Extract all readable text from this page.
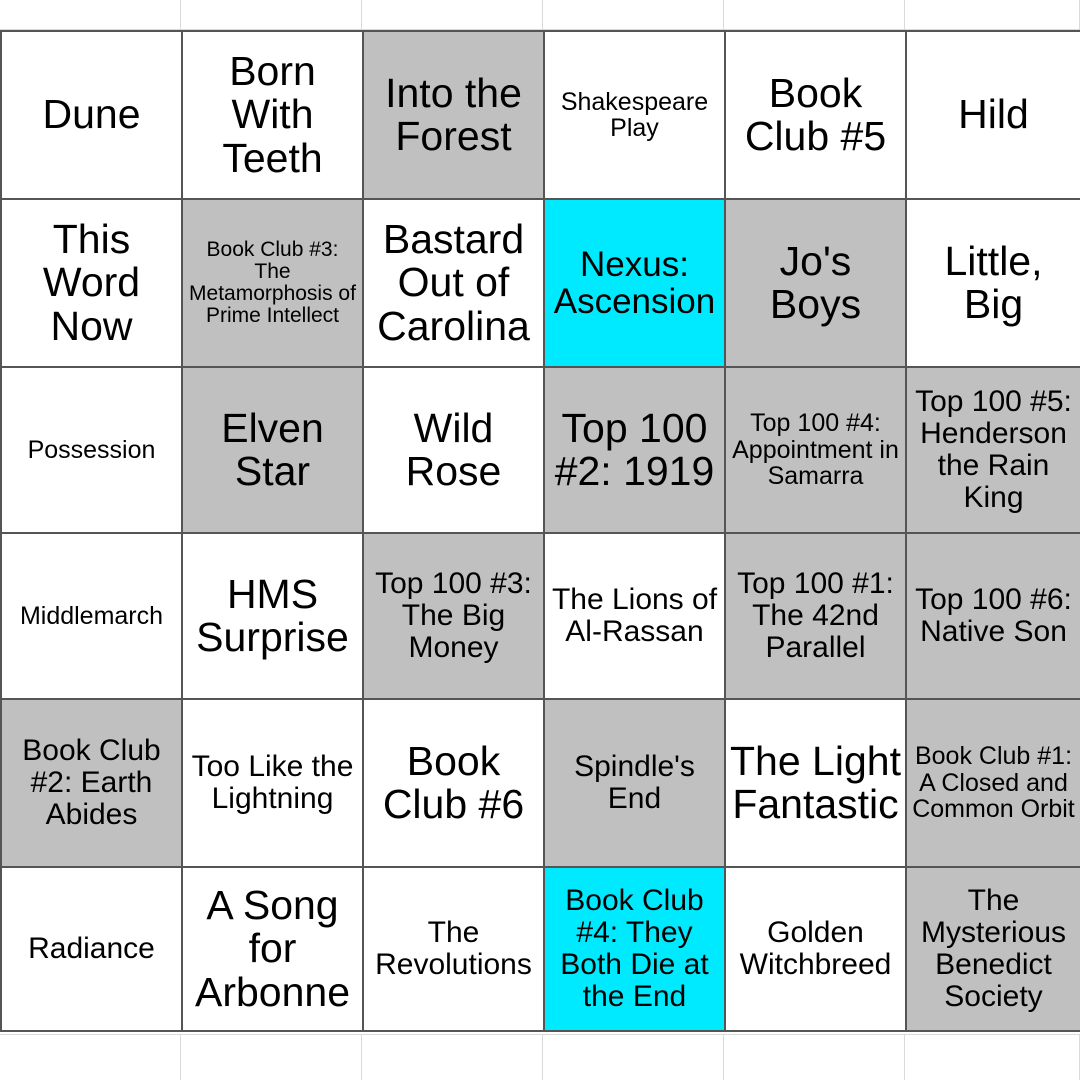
Dune	Born With Teeth	Into the Forest	Shakespeare Play	Book Club #5	Hild
This Word Now	Book Club #3: The Metamorphosis of Prime Intellect	Bastard Out of Carolina	Nexus: Ascension	Jo's Boys	Little, Big
Possession	Elven Star	Wild Rose	Top 100 #2: 1919	Top 100 #4: Appointment in Samarra	Top 100 #5: Henderson the Rain King
Middlemarch	HMS Surprise	Top 100 #3: The Big Money	The Lions of Al-Rassan	Top 100 #1: The 42nd Parallel	Top 100 #6: Native Son
Book Club #2: Earth Abides	Too Like the Lightning	Book Club #6	Spindle's End	The Light Fantastic	Book Club #1: A Closed and Common Orbit
Radiance	A Song for Arbonne	The Revolutions	Book Club #4: They Both Die at the End	Golden Witchbreed	The Mysterious Benedict Society
